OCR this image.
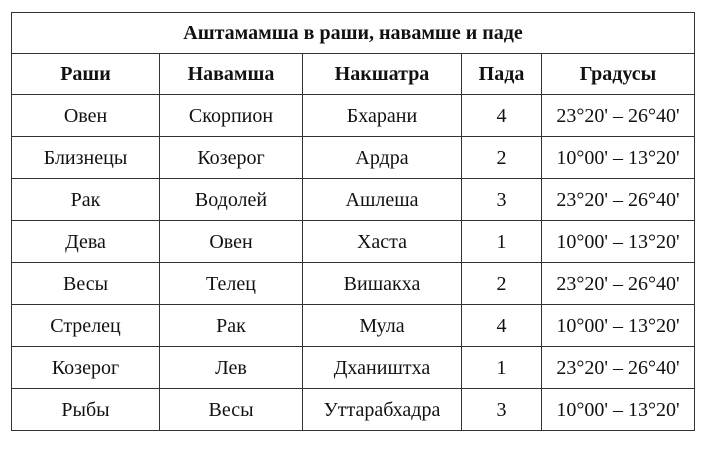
Аштамамша в раши, навамше и паде				
Раши	Навамша	Накшатра	Пада	Градусы
Овен	Скорпион	Бхарани	4	23°20' – 26°40'
Близнецы	Козерог	Ардра	2	10°00' – 13°20'
Рак	Водолей	Ашлеша	3	23°20' – 26°40'
Дева	Овен	Хаста	1	10°00' – 13°20'
Весы	Телец	Вишакха	2	23°20' – 26°40'
Стрелец	Рак	Мула	4	10°00' – 13°20'
Козерог	Лев	Дхаништха	1	23°20' – 26°40'
Рыбы	Весы	Уттарабхадра	3	10°00' – 13°20'
